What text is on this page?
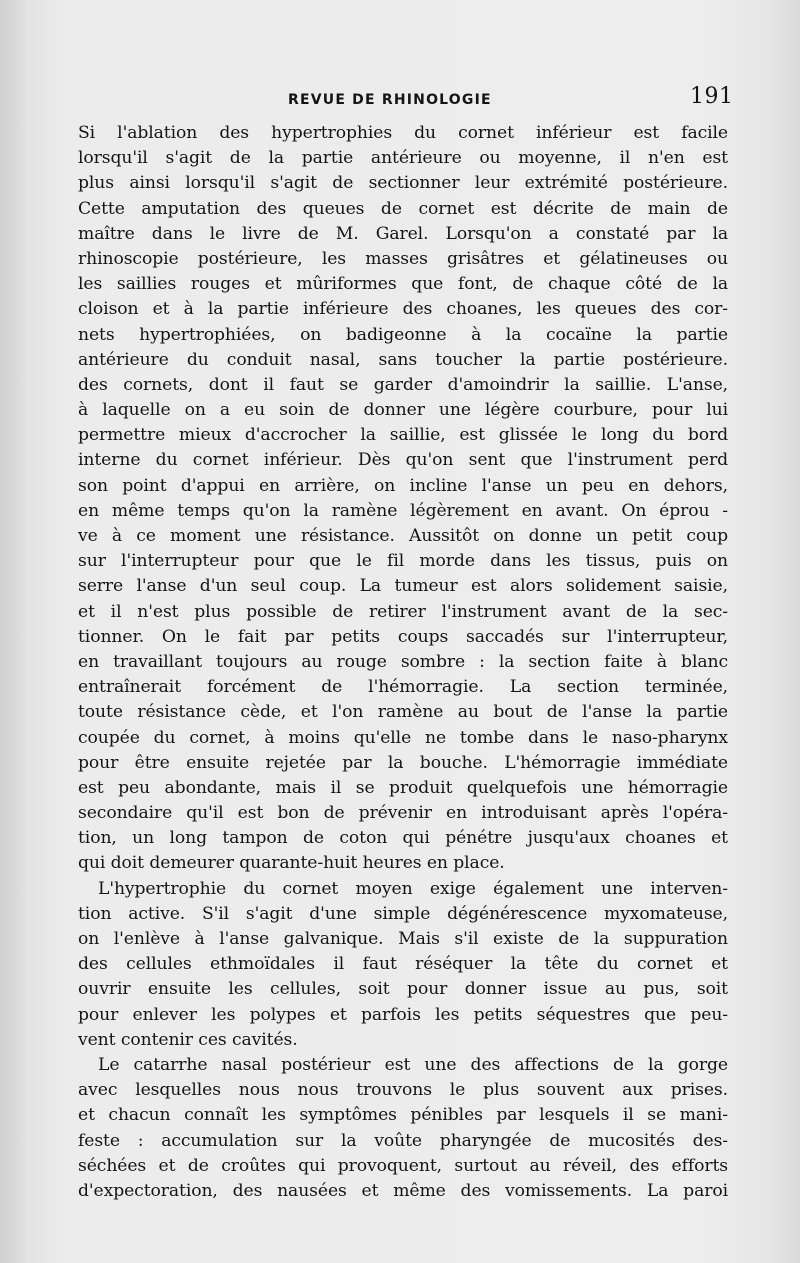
REVUE DE RHINOLOGIE	191
Si l'ablation des hypertrophies du cornet inférieur est facile
lorsqu'il s'agit de la partie antérieure ou moyenne, il n'en est
plus ainsi lorsqu'il s'agit de sectionner leur extrémité postérieure.
Cette amputation des queues de cornet est décrite de main de
maître dans le livre de M. Garel. Lorsqu'on a constaté par la
rhinoscopie postérieure, les masses grisâtres et gélatineuses ou
les saillies rouges et mûriformes que font, de chaque côté de la
cloison et à la partie inférieure des choanes, les queues des cor-
nets hypertrophiées, on badigeonne à la cocaïne la partie
antérieure du conduit nasal, sans toucher la partie postérieure.
des cornets, dont il faut se garder d'amoindrir la saillie. L'anse,
à laquelle on a eu soin de donner une légère courbure, pour lui
permettre mieux d'accrocher la saillie, est glissée le long du bord
interne du cornet inférieur. Dès qu'on sent que l'instrument perd
son point d'appui en arrière, on incline l'anse un peu en dehors,
en même temps qu'on la ramène légèrement en avant. On éprou -
ve à ce moment une résistance. Aussitôt on donne un petit coup
sur l'interrupteur pour que le fil morde dans les tissus, puis on
serre l'anse d'un seul coup. La tumeur est alors solidement saisie,
et il n'est plus possible de retirer l'instrument avant de la sec-
tionner. On le fait par petits coups saccadés sur l'interrupteur,
en travaillant toujours au rouge sombre : la section faite à blanc
entraînerait forcément de l'hémorragie. La section terminée,
toute résistance cède, et l'on ramène au bout de l'anse la partie
coupée du cornet, à moins qu'elle ne tombe dans le naso-pharynx
pour être ensuite rejetée par la bouche. L'hémorragie immédiate
est peu abondante, mais il se produit quelquefois une hémorragie
secondaire qu'il est bon de prévenir en introduisant après l'opéra-
tion, un long tampon de coton qui pénétre jusqu'aux choanes et
qui doit demeurer quarante-huit heures en place.
L'hypertrophie du cornet moyen exige également une interven-
tion active. S'il s'agit d'une simple dégénérescence myxomateuse,
on l'enlève à l'anse galvanique. Mais s'il existe de la suppuration
des cellules ethmoïdales il faut réséquer la tête du cornet et
ouvrir ensuite les cellules, soit pour donner issue au pus, soit
pour enlever les polypes et parfois les petits séquestres que peu-
vent contenir ces cavités.
Le catarrhe nasal postérieur est une des affections de la gorge
avec lesquelles nous nous trouvons le plus souvent aux prises.
et chacun connaît les symptômes pénibles par lesquels il se mani-
feste : accumulation sur la voûte pharyngée de mucosités des-
séchées et de croûtes qui provoquent, surtout au réveil, des efforts
d'expectoration, des nausées et même des vomissements. La paroi
